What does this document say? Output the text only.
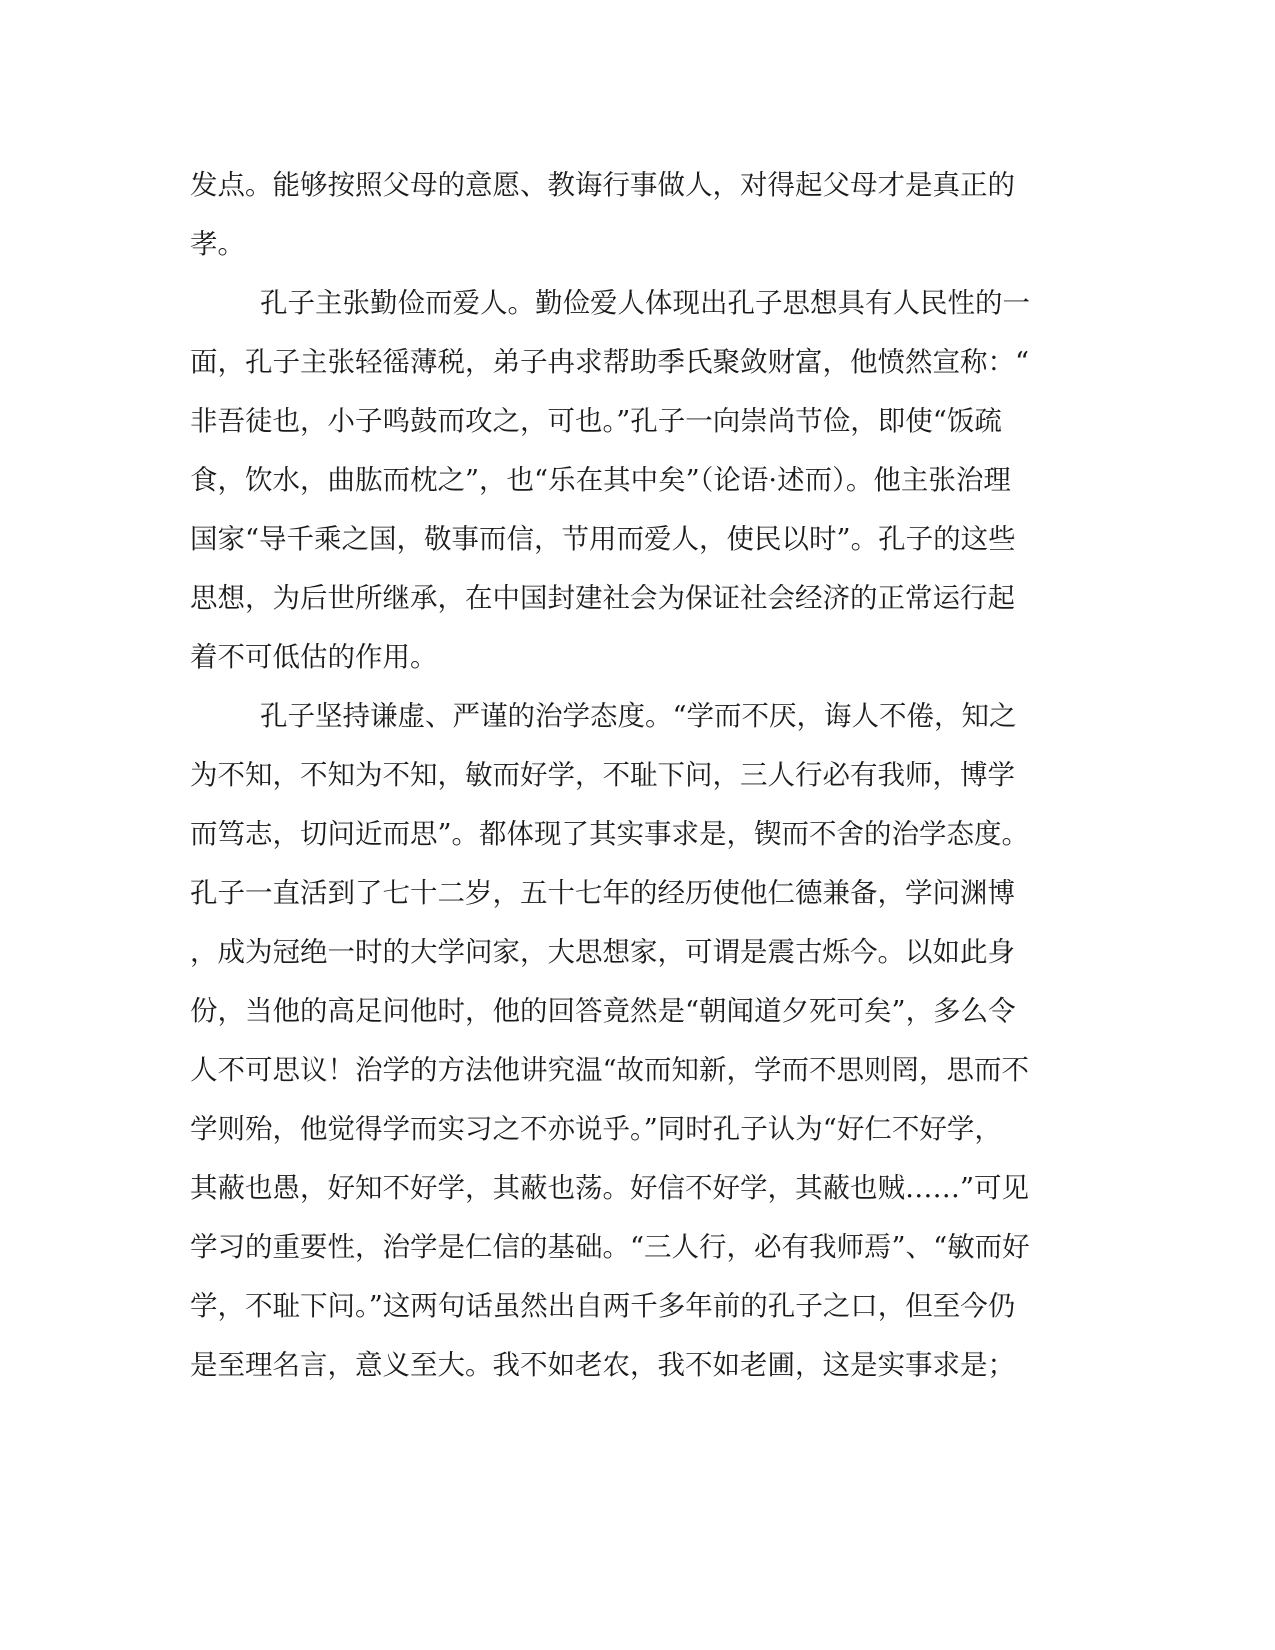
发点。能够按照父母的意愿、教诲行事做人，对得起父母才是真正的
孝。
孔子主张勤俭而爱人。勤俭爱人体现出孔子思想具有人民性的一
面，孔子主张轻徭薄税，弟子冉求帮助季氏聚敛财富，他愤然宣称：“
非吾徒也，小子鸣鼓而攻之，可也。”孔子一向崇尚节俭，即使“饭疏
食，饮水，曲肱而枕之”，也“乐在其中矣”（论语·述而）。他主张治理
国家“导千乘之国，敬事而信，节用而爱人，使民以时”。孔子的这些
思想，为后世所继承，在中国封建社会为保证社会经济的正常运行起
着不可低估的作用。
孔子坚持谦虚、严谨的治学态度。“学而不厌，诲人不倦，知之
为不知，不知为不知，敏而好学，不耻下问，三人行必有我师，博学
而笃志，切问近而思”。都体现了其实事求是，锲而不舍的治学态度。
孔子一直活到了七十二岁，五十七年的经历使他仁德兼备，学问渊博
，成为冠绝一时的大学问家，大思想家，可谓是震古烁今。以如此身
份，当他的高足问他时，他的回答竟然是“朝闻道夕死可矣”，多么令
人不可思议！治学的方法他讲究温“故而知新，学而不思则罔，思而不
学则殆，他觉得学而实习之不亦说乎。”同时孔子认为“好仁不好学，
其蔽也愚，好知不好学，其蔽也荡。好信不好学，其蔽也贼……”可见
学习的重要性，治学是仁信的基础。“三人行，必有我师焉”、“敏而好
学，不耻下问。”这两句话虽然出自两千多年前的孔子之口，但至今仍
是至理名言，意义至大。我不如老农，我不如老圃，这是实事求是；
